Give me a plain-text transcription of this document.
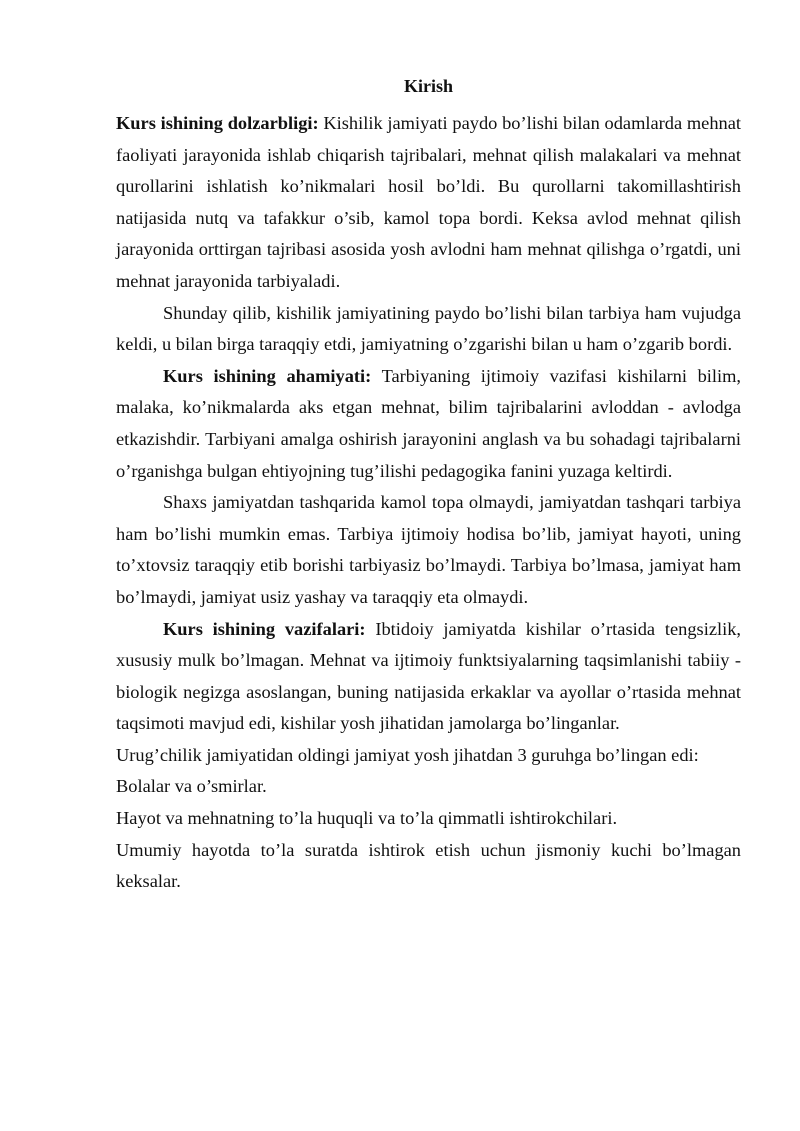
Kirish

Kurs ishining dolzarbligi: Kishilik jamiyati paydo bo’lishi bilan odamlarda mehnat faoliyati jarayonida ishlab chiqarish tajribalari, mehnat qilish malakalari va mehnat qurollarini ishlatish ko’nikmalari hosil bo’ldi. Bu qurollarni takomillashtirish natijasida nutq va tafakkur o’sib, kamol topa bordi. Keksa avlod mehnat qilish jarayonida orttirgan tajribasi asosida yosh avlodni ham mehnat qilishga o’rgatdi, uni mehnat jarayonida tarbiyaladi.

Shunday qilib, kishilik jamiyatining paydo bo’lishi bilan tarbiya ham vujudga keldi, u bilan birga taraqqiy etdi, jamiyatning o’zgarishi bilan u ham o’zgarib bordi.

Kurs ishining ahamiyati: Tarbiyaning ijtimoiy vazifasi kishilarni bilim, malaka, ko’nikmalarda aks etgan mehnat, bilim tajribalarini avloddan - avlodga etkazishdir. Tarbiyani amalga oshirish jarayonini anglash va bu sohadagi tajribalarni o’rganishga bulgan ehtiyojning tug’ilishi pedagogika fanini yuzaga keltirdi.

Shaxs jamiyatdan tashqarida kamol topa olmaydi, jamiyatdan tashqari tarbiya ham bo’lishi mumkin emas. Tarbiya ijtimoiy hodisa bo’lib, jamiyat hayoti, uning to’xtovsiz taraqqiy etib borishi tarbiyasiz bo’lmaydi. Tarbiya bo’lmasa, jamiyat ham bo’lmaydi, jamiyat usiz yashay va taraqqiy eta olmaydi.

Kurs ishining vazifalari: Ibtidoiy jamiyatda kishilar o’rtasida tengsizlik, xususiy mulk bo’lmagan. Mehnat va ijtimoiy funktsiyalarning taqsimlanishi tabiiy - biologik negizga asoslangan, buning natijasida erkaklar va ayollar o’rtasida mehnat taqsimoti mavjud edi, kishilar yosh jihatidan jamolarga bo’linganlar.

Urug’chilik jamiyatidan oldingi jamiyat yosh jihatdan 3 guruhga bo’lingan edi:

Bolalar va o’smirlar.

Hayot va mehnatning to’la huquqli va to’la qimmatli ishtirokchilari.

Umumiy hayotda to’la suratda ishtirok etish uchun jismoniy kuchi bo’lmagan keksalar.
